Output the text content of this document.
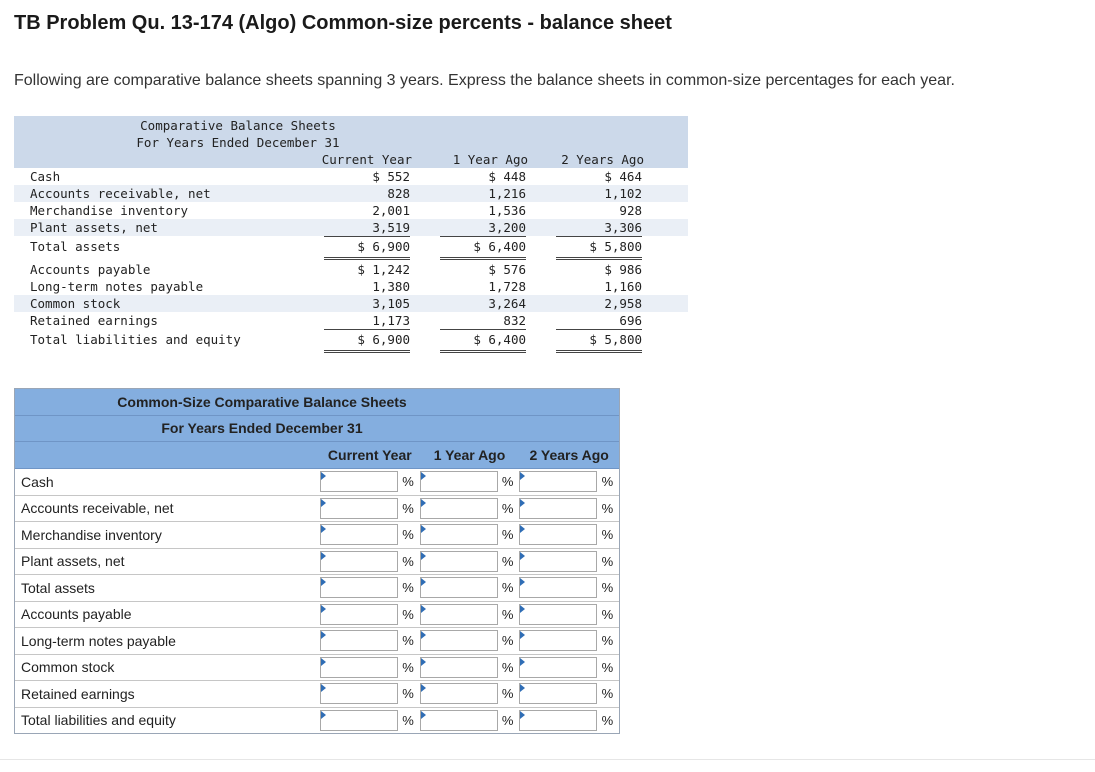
TB Problem Qu. 13-174 (Algo) Common-size percents - balance sheet

Following are comparative balance sheets spanning 3 years. Express the balance sheets in common-size percentages for each year.

Comparative Balance Sheets
For Years Ended December 31
Current Year	1 Year Ago	2 Years Ago
Cash	$ 552	$ 448	$ 464
Accounts receivable, net	828	1,216	1,102
Merchandise inventory	2,001	1,536	928
Plant assets, net	3,519	3,200	3,306
Total assets	$ 6,900	$ 6,400	$ 5,800
Accounts payable	$ 1,242	$ 576	$ 986
Long-term notes payable	1,380	1,728	1,160
Common stock	3,105	3,264	2,958
Retained earnings	1,173	832	696
Total liabilities and equity	$ 6,900	$ 6,400	$ 5,800
Common-Size Comparative Balance Sheets
For Years Ended December 31
Current Year	1 Year Ago	2 Years Ago
Cash	%	%	%
Accounts receivable, net	%	%	%
Merchandise inventory	%	%	%
Plant assets, net	%	%	%
Total assets	%	%	%
Accounts payable	%	%	%
Long-term notes payable	%	%	%
Common stock	%	%	%
Retained earnings	%	%	%
Total liabilities and equity	%	%	%
